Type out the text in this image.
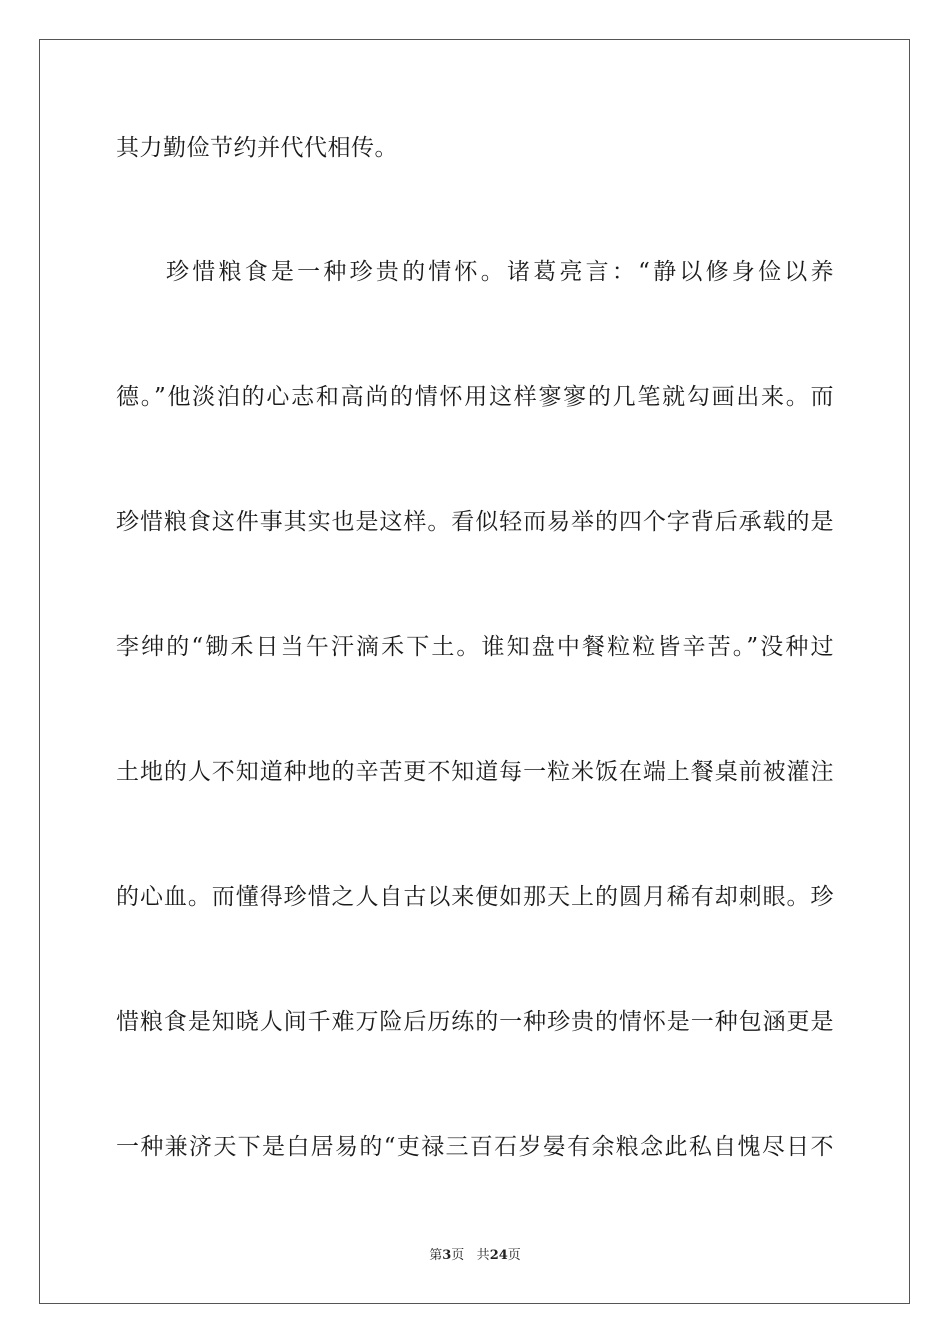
其力勤俭节约并代代相传。
珍惜粮食是一种珍贵的情怀。诸葛亮言：“静以修身俭以养
德。”他淡泊的心志和高尚的情怀用这样寥寥的几笔就勾画出来。而
珍惜粮食这件事其实也是这样。看似轻而易举的四个字背后承载的是
李绅的“锄禾日当午汗滴禾下土。谁知盘中餐粒粒皆辛苦。”没种过
土地的人不知道种地的辛苦更不知道每一粒米饭在端上餐桌前被灌注
的心血。而懂得珍惜之人自古以来便如那天上的圆月稀有却刺眼。珍
惜粮食是知晓人间千难万险后历练的一种珍贵的情怀是一种包涵更是
一种兼济天下是白居易的“吏禄三百石岁晏有余粮念此私自愧尽日不
第3页 共24页
